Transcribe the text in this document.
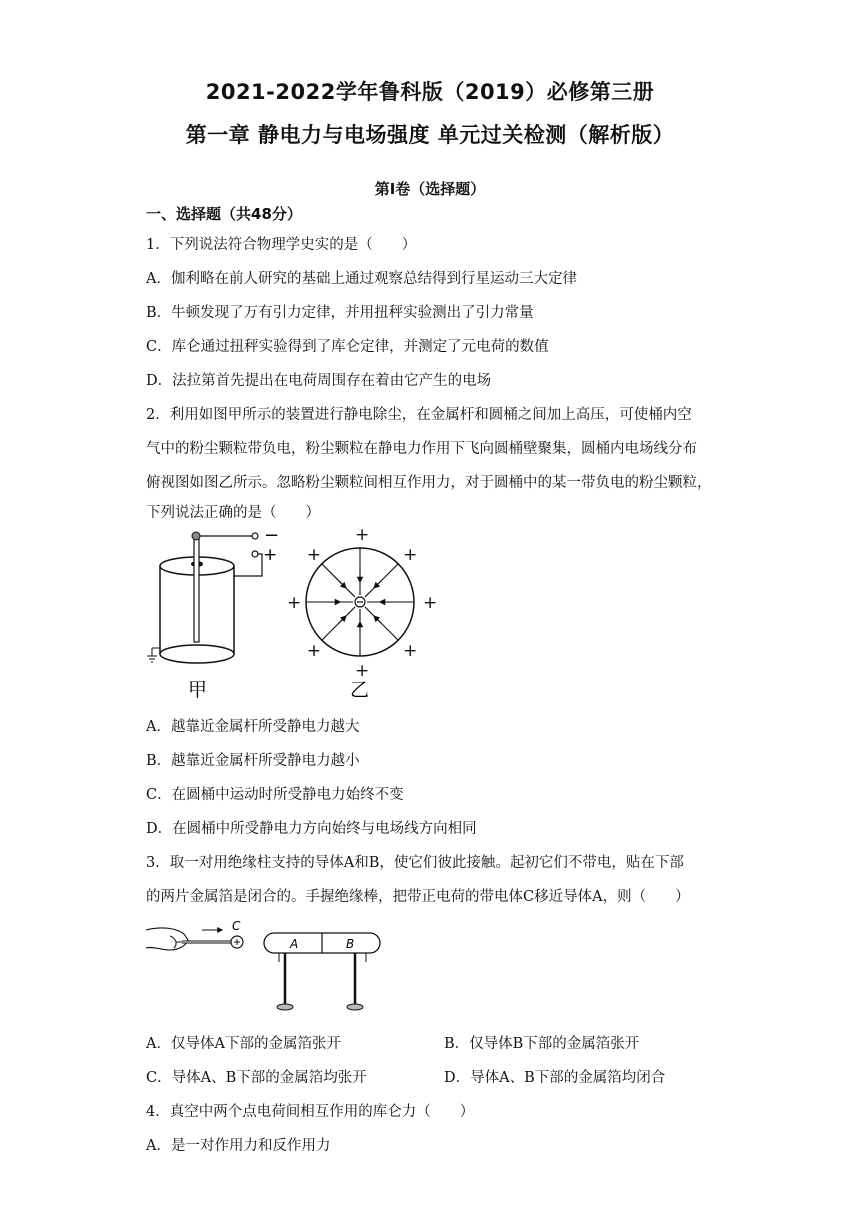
2021-2022学年鲁科版（2019）必修第三册
第一章 静电力与电场强度 单元过关检测（解析版）
第Ⅰ卷（选择题）
一、选择题（共48分）
1．下列说法符合物理学史实的是（　　）
A．伽利略在前人研究的基础上通过观察总结得到行星运动三大定律
B．牛顿发现了万有引力定律，并用扭秤实验测出了引力常量
C．库仑通过扭秤实验得到了库仑定律，并测定了元电荷的数值
D．法拉第首先提出在电荷周围存在着由它产生的电场
2．利用如图甲所示的装置进行静电除尘，在金属杆和圆桶之间加上高压，可使桶内空
气中的粉尘颗粒带负电，粉尘颗粒在静电力作用下飞向圆桶壁聚集，圆桶内电场线分布
俯视图如图乙所示。忽略粉尘颗粒间相互作用力，对于圆桶中的某一带负电的粉尘颗粒，
下列说法正确的是（　　）
−
+
甲
+
+
+
+
+
+
+
+
乙
A．越靠近金属杆所受静电力越大
B．越靠近金属杆所受静电力越小
C．在圆桶中运动时所受静电力始终不变
D．在圆桶中所受静电力方向始终与电场线方向相同
3．取一对用绝缘柱支持的导体A和B，使它们彼此接触。起初它们不带电，贴在下部
的两片金属箔是闭合的。手握绝缘棒，把带正电荷的带电体C移近导体A，则（　　）
C
A	B
A．仅导体A下部的金属箔张开	B．仅导体B下部的金属箔张开
C．导体A、B下部的金属箔均张开	D．导体A、B下部的金属箔均闭合
4．真空中两个点电荷间相互作用的库仑力（　　）
A．是一对作用力和反作用力
